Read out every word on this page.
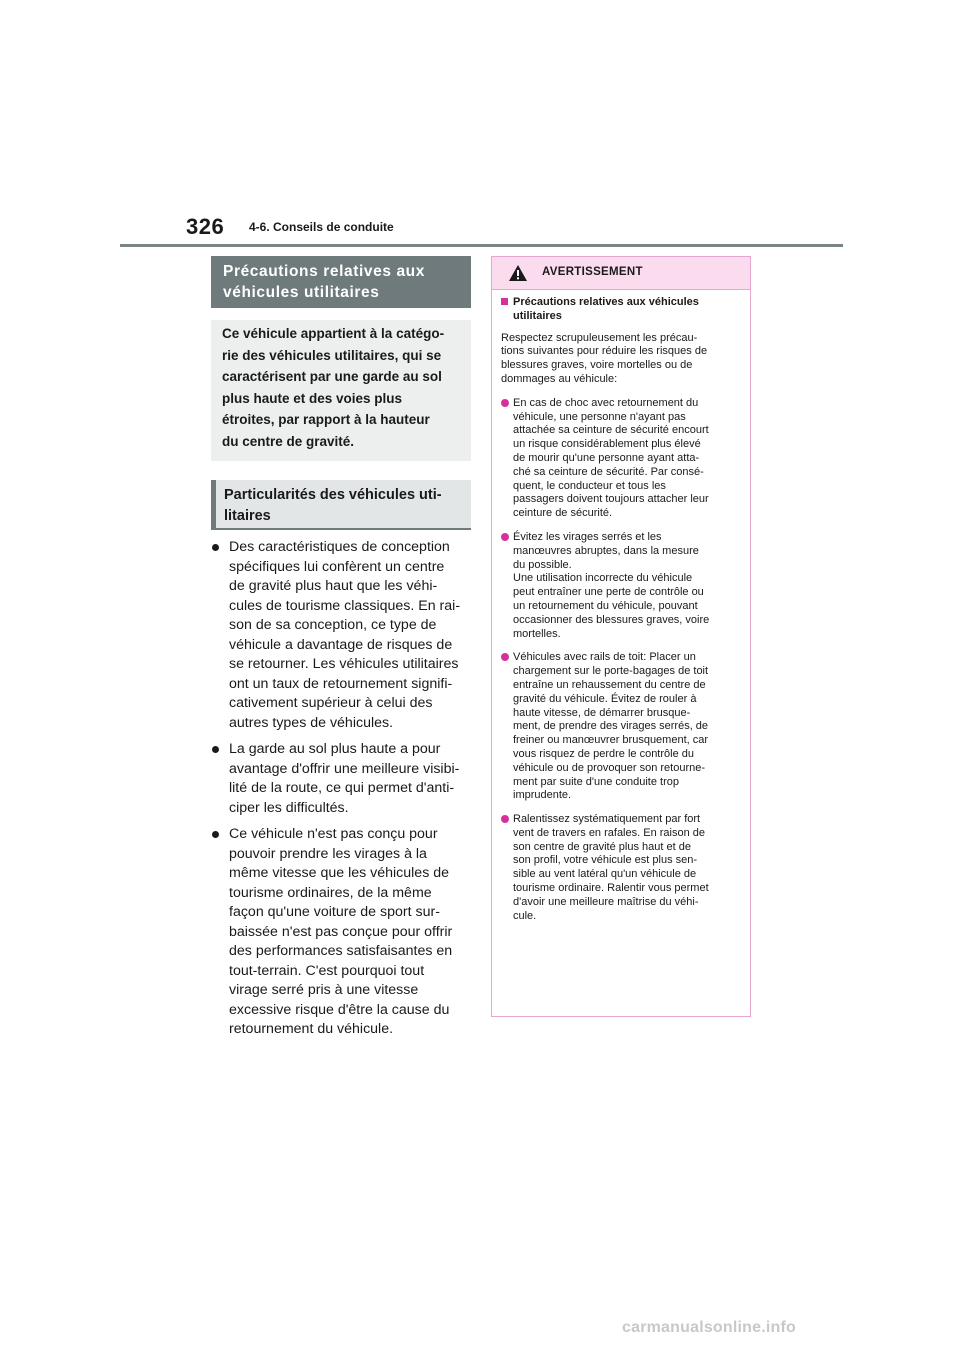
326 4-6. Conseils de conduite
Précautions relatives aux
véhicules utilitaires
Ce véhicule appartient à la catégo-
rie des véhicules utilitaires, qui se
caractérisent par une garde au sol
plus haute et des voies plus
étroites, par rapport à la hauteur
du centre de gravité.
Particularités des véhicules uti-
litaires
Des caractéristiques de conception
spécifiques lui confèrent un centre
de gravité plus haut que les véhi-
cules de tourisme classiques. En rai-
son de sa conception, ce type de
véhicule a davantage de risques de
se retourner. Les véhicules utilitaires
ont un taux de retournement signifi-
cativement supérieur à celui des
autres types de véhicules.
La garde au sol plus haute a pour
avantage d'offrir une meilleure visibi-
lité de la route, ce qui permet d'anti-
ciper les difficultés.
Ce véhicule n'est pas conçu pour
pouvoir prendre les virages à la
même vitesse que les véhicules de
tourisme ordinaires, de la même
façon qu'une voiture de sport sur-
baissée n'est pas conçue pour offrir
des performances satisfaisantes en
tout-terrain. C'est pourquoi tout
virage serré pris à une vitesse
excessive risque d'être la cause du
retournement du véhicule.
AVERTISSEMENT
Précautions relatives aux véhicules
utilitaires
Respectez scrupuleusement les précau-
tions suivantes pour réduire les risques de
blessures graves, voire mortelles ou de
dommages au véhicule:
En cas de choc avec retournement du
véhicule, une personne n'ayant pas
attachée sa ceinture de sécurité encourt
un risque considérablement plus élevé
de mourir qu'une personne ayant atta-
ché sa ceinture de sécurité. Par consé-
quent, le conducteur et tous les
passagers doivent toujours attacher leur
ceinture de sécurité.
Évitez les virages serrés et les
manœuvres abruptes, dans la mesure
du possible.
Une utilisation incorrecte du véhicule
peut entraîner une perte de contrôle ou
un retournement du véhicule, pouvant
occasionner des blessures graves, voire
mortelles.
Véhicules avec rails de toit: Placer un
chargement sur le porte-bagages de toit
entraîne un rehaussement du centre de
gravité du véhicule. Évitez de rouler à
haute vitesse, de démarrer brusque-
ment, de prendre des virages serrés, de
freiner ou manœuvrer brusquement, car
vous risquez de perdre le contrôle du
véhicule ou de provoquer son retourne-
ment par suite d'une conduite trop
imprudente.
Ralentissez systématiquement par fort
vent de travers en rafales. En raison de
son centre de gravité plus haut et de
son profil, votre véhicule est plus sen-
sible au vent latéral qu'un véhicule de
tourisme ordinaire. Ralentir vous permet
d'avoir une meilleure maîtrise du véhi-
cule.
carmanualsonline.info
